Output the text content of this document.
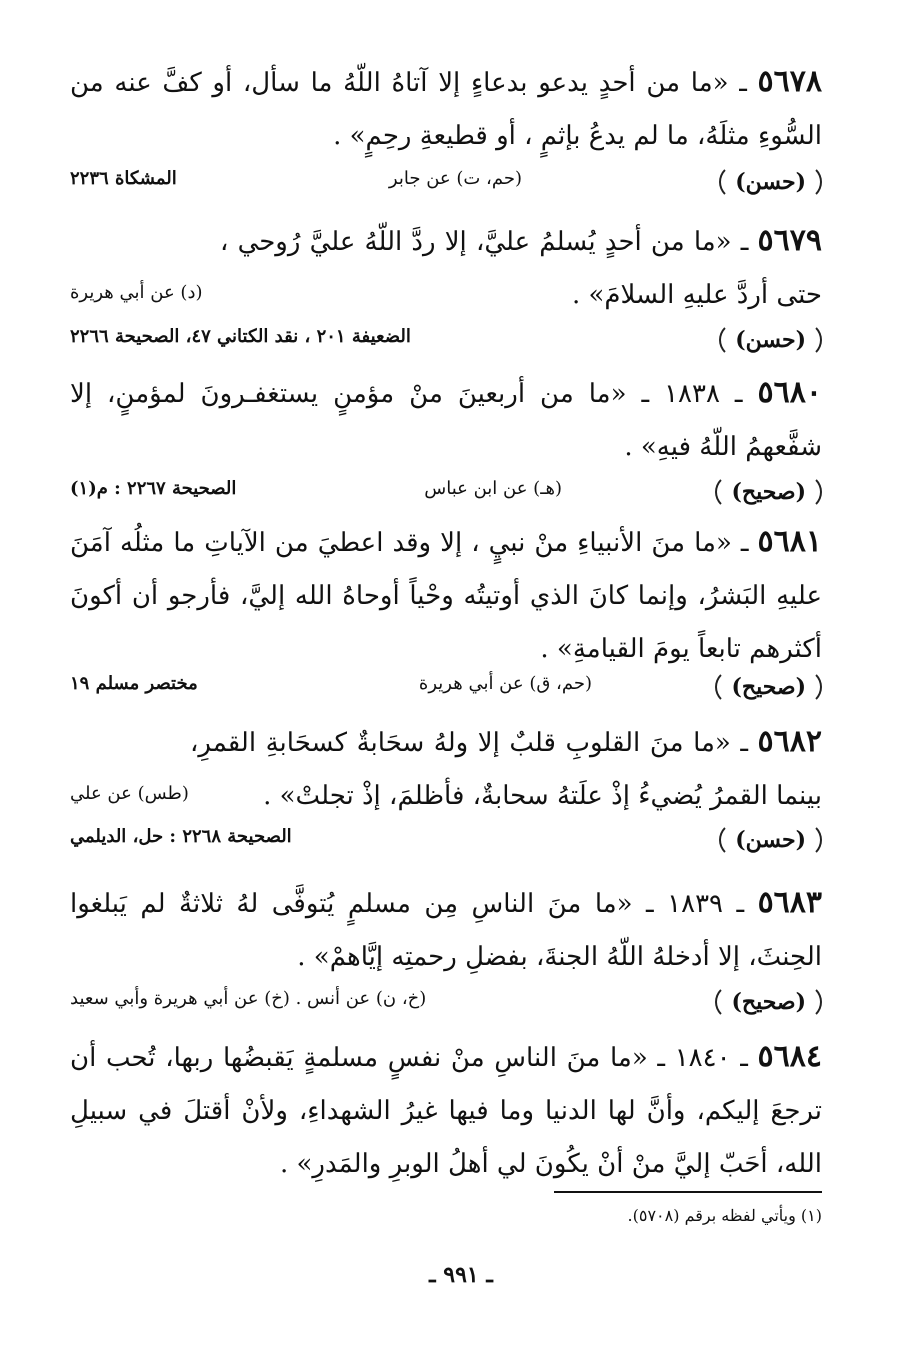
٥٦٧٨ ـ «ما من أحدٍ يدعو بدعاءٍ إلا آتاهُ اللّهُ ما سأل، أو كفَّ عنه من السُّوءِ مثلَهُ، ما لم يدعُ بإثمٍ ، أو قطيعةِ رحِمٍ» .

(حسن)
(حم، ت) عن جابر
المشكاة ٢٢٣٦

٥٦٧٩ ـ «ما من أحدٍ يُسلمُ عليَّ، إلا ردَّ اللّهُ عليَّ رُوحي ، حتى أردَّ عليهِ السلامَ» .

(د) عن أبي هريرة
(حسن)
الضعيفة ٢٠١ ، نقد الكتاني ٤٧، الصحيحة ٢٢٦٦

٥٦٨٠ ـ ١٨٣٨ ـ «ما من أربعينَ منْ مؤمنٍ يستغفـرونَ لمؤمنٍ، إلا شفَّعهمُ اللّهُ فيهِ» .

(صحيح)
(هـ) عن ابن عباس
الصحيحة ٢٢٦٧ : م(١)

٥٦٨١ ـ «ما منَ الأنبياءِ منْ نبيٍ ، إلا وقد اعطيَ من الآياتِ ما مثلُه آمَنَ عليهِ البَشرُ، وإنما كانَ الذي أوتيتُه وحْياً أوحاهُ الله إليَّ، فأرجو أن أكونَ أكثرهم تابعاً يومَ القيامةِ» .

(صحيح)
(حم، ق) عن أبي هريرة
مختصر مسلم ١٩

٥٦٨٢ ـ «ما منَ القلوبِ قلبٌ إلا ولهُ سحَابةٌ كسحَابةِ القمرِ، بينما القمرُ يُضيءُ إذْ علَتهُ سحابةٌ، فأظلمَ، إذْ تجلتْ» .

(طس) عن علي
(حسن)
الصحيحة ٢٢٦٨ : حل، الديلمي

٥٦٨٣ ـ ١٨٣٩ ـ «ما منَ الناسِ مِن مسلمٍ يُتوفَّى لهُ ثلاثةٌ لم يَبلغوا الحِنثَ، إلا أدخلهُ اللّهُ الجنةَ، بفضلِ رحمتِه إيَّاهمْ» .

(صحيح)
(خ، ن) عن أنس . (خ) عن أبي هريرة وأبي سعيد

٥٦٨٤ ـ ١٨٤٠ ـ «ما منَ الناسِ منْ نفسٍ مسلمةٍ يَقبضُها ربها، تُحب أن ترجعَ إليكم، وأنَّ لها الدنيا وما فيها غيرُ الشهداءِ، ولأنْ أقتلَ في سبيلِ الله، أحَبّ إليَّ منْ أنْ يكُونَ لي أهلُ الوبرِ والمَدرِ» .

(١) ويأتي لفظه برقم (٥٧٠٨).
ـ ٩٩١ ـ
